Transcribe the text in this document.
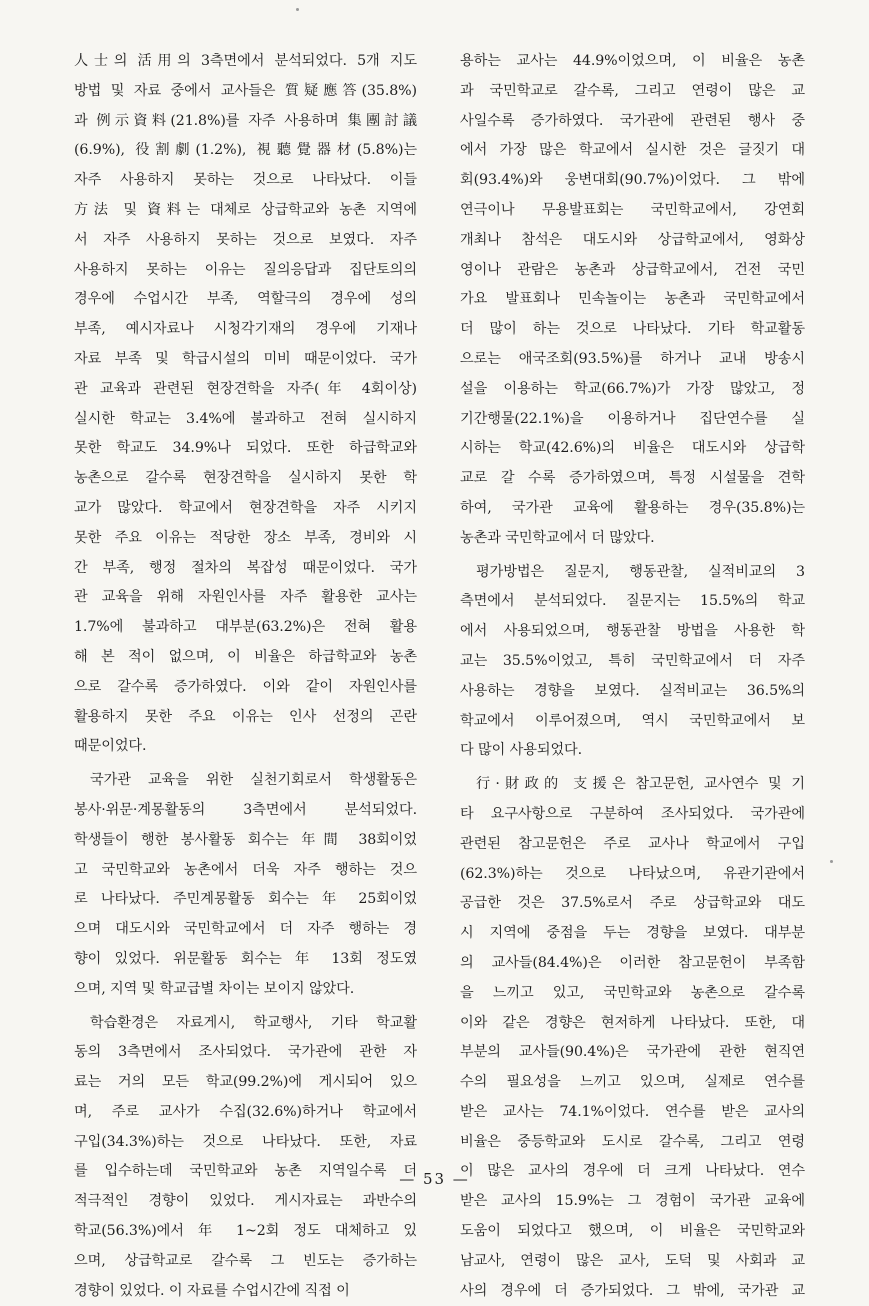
人士의 活用의 3측면에서 분석되었다. 5개 지도
방법 및 자료 중에서 교사들은 質疑應答(35.8%)
과 例示資料(21.8%)를 자주 사용하며 集團討議
(6.9%), 役割劇(1.2%), 視聽覺器材(5.8%)는
자주 사용하지 못하는 것으로 나타났다. 이들
方法 및 資料는 대체로 상급학교와 농촌 지역에
서 자주 사용하지 못하는 것으로 보였다. 자주
사용하지 못하는 이유는 질의응답과 집단토의의
경우에 수업시간 부족, 역할극의 경우에 성의
부족, 예시자료나 시청각기재의 경우에 기재나
자료 부족 및 학급시설의 미비 때문이었다. 국가
관 교육과 관련된 현장견학을 자주(年 4회이상)
실시한 학교는 3.4%에 불과하고 전혀 실시하지
못한 학교도 34.9%나 되었다. 또한 하급학교와
농촌으로 갈수록 현장견학을 실시하지 못한 학
교가 많았다. 학교에서 현장견학을 자주 시키지
못한 주요 이유는 적당한 장소 부족, 경비와 시
간 부족, 행정 절차의 복잡성 때문이었다. 국가
관 교육을 위해 자원인사를 자주 활용한 교사는
1.7%에 불과하고 대부분(63.2%)은 전혀 활용
해 본 적이 없으며, 이 비율은 하급학교와 농촌
으로 갈수록 증가하였다. 이와 같이 자원인사를
활용하지 못한 주요 이유는 인사 선정의 곤란
때문이었다.
국가관 교육을 위한 실천기회로서 학생활동은
봉사·위문·계몽활동의 3측면에서 분석되었다.
학생들이 행한 봉사활동 회수는 年間 38회이었
고 국민학교와 농촌에서 더욱 자주 행하는 것으
로 나타났다. 주민계몽활동 회수는 年 25회이었
으며 대도시와 국민학교에서 더 자주 행하는 경
향이 있었다. 위문활동 회수는 年 13회 정도였
으며, 지역 및 학교급별 차이는 보이지 않았다.
학습환경은 자료게시, 학교행사, 기타 학교활
동의 3측면에서 조사되었다. 국가관에 관한 자
료는 거의 모든 학교(99.2%)에 게시되어 있으
며, 주로 교사가 수집(32.6%)하거나 학교에서
구입(34.3%)하는 것으로 나타났다. 또한, 자료
를 입수하는데 국민학교와 농촌 지역일수록 더
적극적인 경향이 있었다. 게시자료는 과반수의
학교(56.3%)에서 年 1~2회 정도 대체하고 있
으며, 상급학교로 갈수록 그 빈도는 증가하는
경향이 있었다. 이 자료를 수업시간에 직접 이
용하는 교사는 44.9%이었으며, 이 비율은 농촌
과 국민학교로 갈수록, 그리고 연령이 많은 교
사일수록 증가하였다. 국가관에 관련된 행사 중
에서 가장 많은 학교에서 실시한 것은 글짓기 대
회(93.4%)와 웅변대회(90.7%)이었다. 그 밖에
연극이나 무용발표회는 국민학교에서, 강연회
개최나 참석은 대도시와 상급학교에서, 영화상
영이나 관람은 농촌과 상급학교에서, 건전 국민
가요 발표회나 민속놀이는 농촌과 국민학교에서
더 많이 하는 것으로 나타났다. 기타 학교활동
으로는 애국조회(93.5%)를 하거나 교내 방송시
설을 이용하는 학교(66.7%)가 가장 많았고, 정
기간행물(22.1%)을 이용하거나 집단연수를 실
시하는 학교(42.6%)의 비율은 대도시와 상급학
교로 갈 수록 증가하였으며, 특정 시설물을 견학
하여, 국가관 교육에 활용하는 경우(35.8%)는
농촌과 국민학교에서 더 많았다.
평가방법은 질문지, 행동관찰, 실적비교의 3
측면에서 분석되었다. 질문지는 15.5%의 학교
에서 사용되었으며, 행동관찰 방법을 사용한 학
교는 35.5%이었고, 특히 국민학교에서 더 자주
사용하는 경향을 보였다. 실적비교는 36.5%의
학교에서 이루어졌으며, 역시 국민학교에서 보
다 많이 사용되었다.
行·財政的 支援은 참고문헌, 교사연수 및 기
타 요구사항으로 구분하여 조사되었다. 국가관에
관련된 참고문헌은 주로 교사나 학교에서 구입
(62.3%)하는 것으로 나타났으며, 유관기관에서
공급한 것은 37.5%로서 주로 상급학교와 대도
시 지역에 중점을 두는 경향을 보였다. 대부분
의 교사들(84.4%)은 이러한 참고문헌이 부족함
을 느끼고 있고, 국민학교와 농촌으로 갈수록
이와 같은 경향은 현저하게 나타났다. 또한, 대
부분의 교사들(90.4%)은 국가관에 관한 현직연
수의 필요성을 느끼고 있으며, 실제로 연수를
받은 교사는 74.1%이었다. 연수를 받은 교사의
비율은 중등학교와 도시로 갈수록, 그리고 연령
이 많은 교사의 경우에 더 크게 나타났다. 연수
받은 교사의 15.9%는 그 경험이 국가관 교육에
도움이 되었다고 했으며, 이 비율은 국민학교와
남교사, 연령이 많은 교사, 도덕 및 사회과 교
사의 경우에 더 증가되었다. 그 밖에, 국가관 교
— 53 —
